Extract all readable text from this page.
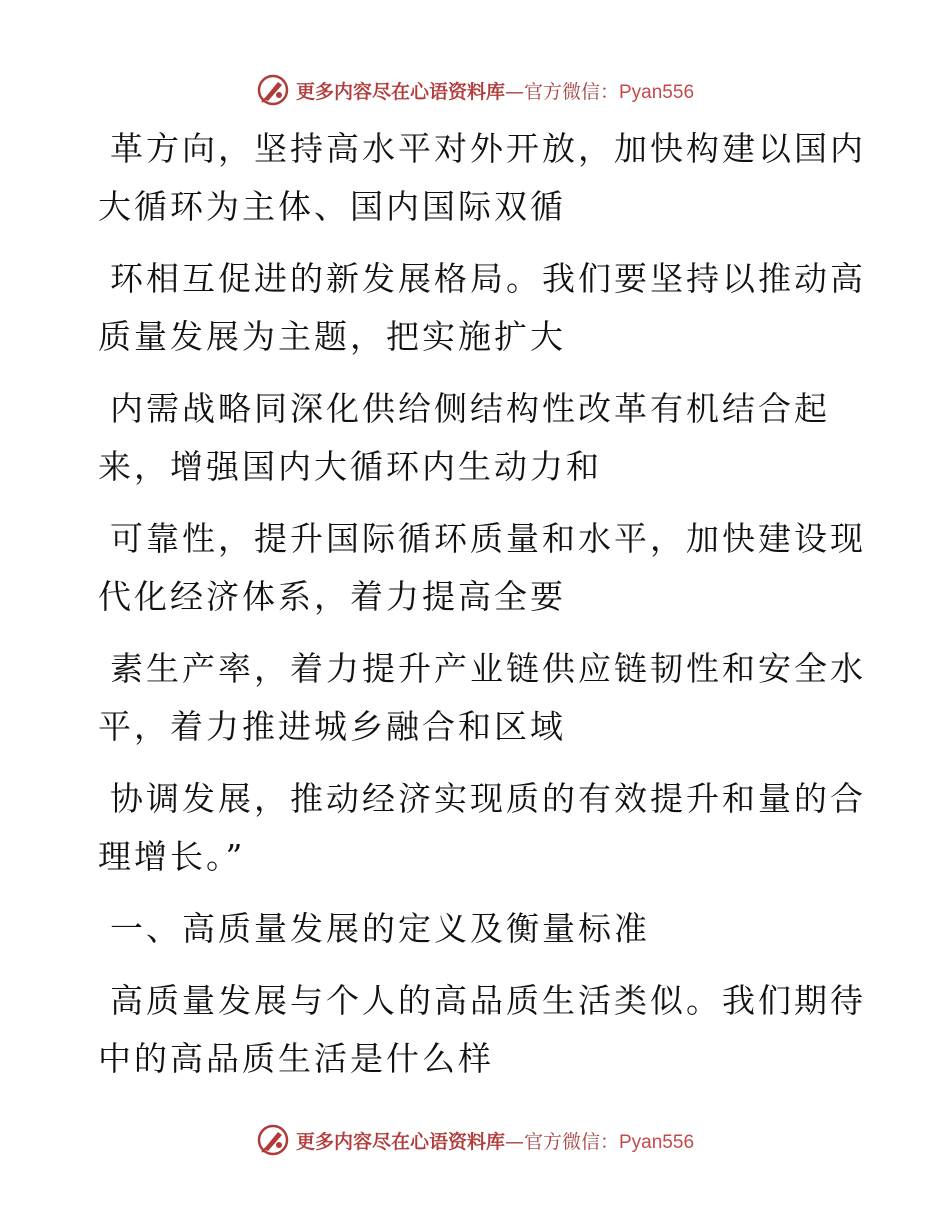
更多内容尽在心语资料库—官方微信：Pyan556
革方向，坚持高水平对外开放，加快构建以国内
大循环为主体、国内国际双循
环相互促进的新发展格局。我们要坚持以推动高
质量发展为主题，把实施扩大
内需战略同深化供给侧结构性改革有机结合起
来，增强国内大循环内生动力和
可靠性，提升国际循环质量和水平，加快建设现
代化经济体系，着力提高全要
素生产率，着力提升产业链供应链韧性和安全水
平，着力推进城乡融合和区域
协调发展，推动经济实现质的有效提升和量的合
理增长。”
一、高质量发展的定义及衡量标准
高质量发展与个人的高品质生活类似。我们期待
中的高品质生活是什么样
更多内容尽在心语资料库—官方微信：Pyan556
